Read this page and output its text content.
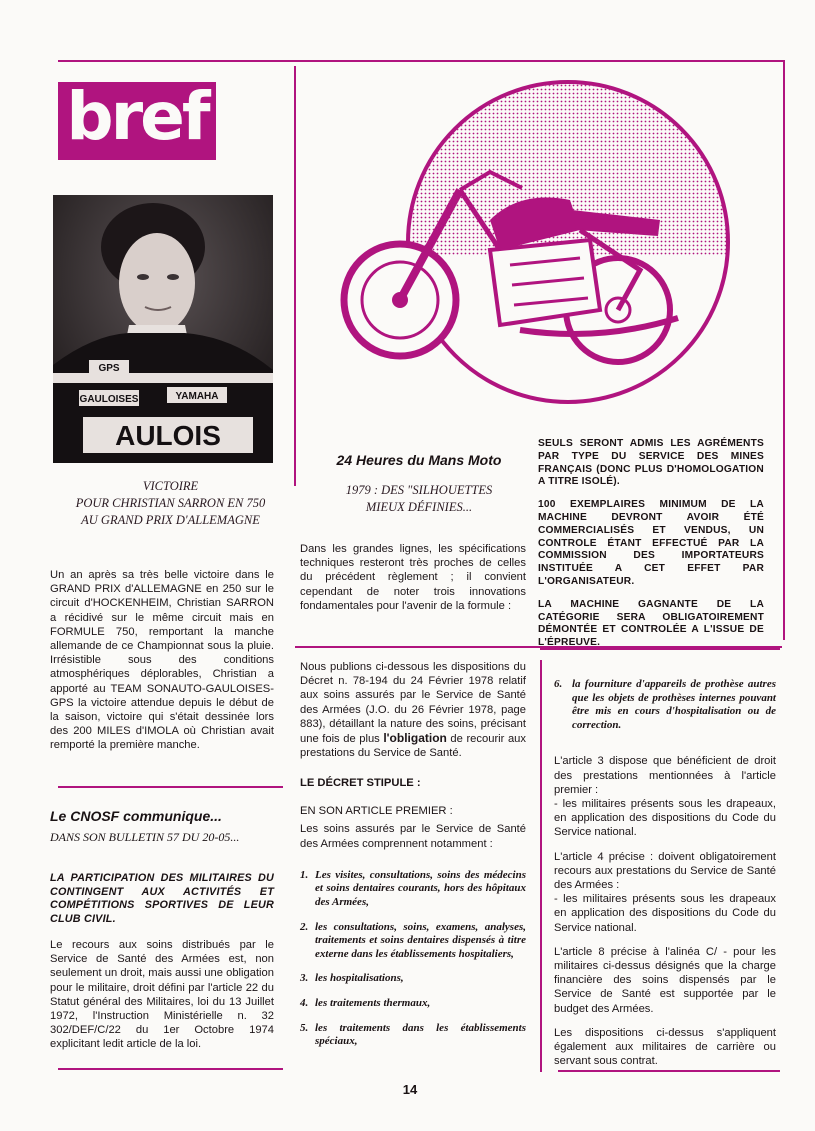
bref
GAULOISES	YAMAHA
GPS
AULOIS
VICTOIRE
POUR CHRISTIAN SARRON EN 750
AU GRAND PRIX D'ALLEMAGNE
Un an après sa très belle victoire dans le GRAND PRIX d'ALLEMAGNE en 250 sur le circuit d'HOCKENHEIM, Christian SARRON a récidivé sur le même circuit mais en FORMULE 750, remportant la manche allemande de ce Championnat sous la pluie. Irrésistible sous des conditions atmosphériques déplorables, Christian a apporté au TEAM SONAUTO-GAULOISES-GPS la victoire attendue depuis le début de la saison, victoire qui s'était dessinée lors des 200 MILES d'IMOLA où Christian avait remporté la première manche.
Le CNOSF communique...
DANS SON BULLETIN 57 DU 20-05...
LA PARTICIPATION DES MILITAIRES DU CONTINGENT AUX ACTIVITÉS ET COMPÉTITIONS SPORTIVES DE LEUR CLUB CIVIL.
Le recours aux soins distribués par le Service de Santé des Armées est, non seulement un droit, mais aussi une obligation pour le militaire, droit défini par l'article 22 du Statut général des Militaires, loi du 13 Juillet 1972, l'Instruction Ministérielle n. 32 302/DEF/C/22 du 1er Octobre 1974 explicitant ledit article de la loi.
24 Heures du Mans Moto
1979 : DES "SILHOUETTES
MIEUX DÉFINIES...
Dans les grandes lignes, les spécifications techniques resteront très proches de celles du précédent règlement ; il convient cependant de noter trois innovations fondamentales pour l'avenir de la formule :
SEULS SERONT ADMIS LES AGRÉMENTS PAR TYPE DU SERVICE DES MINES FRANÇAIS (DONC PLUS D'HOMOLOGATION A TITRE ISOLÉ).
100 EXEMPLAIRES MINIMUM DE LA MACHINE DEVRONT AVOIR ÉTÉ COMMERCIALISÉS ET VENDUS, UN CONTROLE ÉTANT EFFECTUÉ PAR LA COMMISSION DES IMPORTATEURS INSTITUÉE A CET EFFET PAR L'ORGANISATEUR.
LA MACHINE GAGNANTE DE LA CATÉGORIE SERA OBLIGATOIREMENT DÉMONTÉE ET CONTROLÉE A L'ISSUE DE L'ÉPREUVE.
Nous publions ci-dessous les dispositions du Décret n. 78-194 du 24 Février 1978 relatif aux soins assurés par le Service de Santé des Armées (J.O. du 26 Février 1978, page 883), détaillant la nature des soins, précisant une fois de plus l'obligation de recourir aux prestations du Service de Santé.
LE DÉCRET STIPULE :
EN SON ARTICLE PREMIER :
Les soins assurés par le Service de Santé des Armées comprennent notamment :
1. Les visites, consultations, soins des médecins et soins dentaires courants, hors des hôpitaux des Armées,
2. les consultations, soins, examens, analyses, traitements et soins dentaires dispensés à titre externe dans les établissements hospitaliers,
3. les hospitalisations,
4. les traitements thermaux,
5. les traitements dans les établissements spéciaux,
6. la fourniture d'appareils de prothèse autres que les objets de prothèses internes pouvant être mis en cours d'hospitalisation ou de correction.
L'article 3 dispose que bénéficient de droit des prestations mentionnées à l'article premier :
- les militaires présents sous les drapeaux, en application des dispositions du Code du Service national.
L'article 4 précise : doivent obligatoirement recours aux prestations du Service de Santé des Armées :
- les militaires présents sous les drapeaux en application des dispositions du Code du Service national.
L'article 8 précise à l'alinéa C/ - pour les militaires ci-dessus désignés que la charge financière des soins dispensés par le Service de Santé est supportée par le budget des Armées.
Les dispositions ci-dessus s'appliquent également aux militaires de carrière ou servant sous contrat.
14
